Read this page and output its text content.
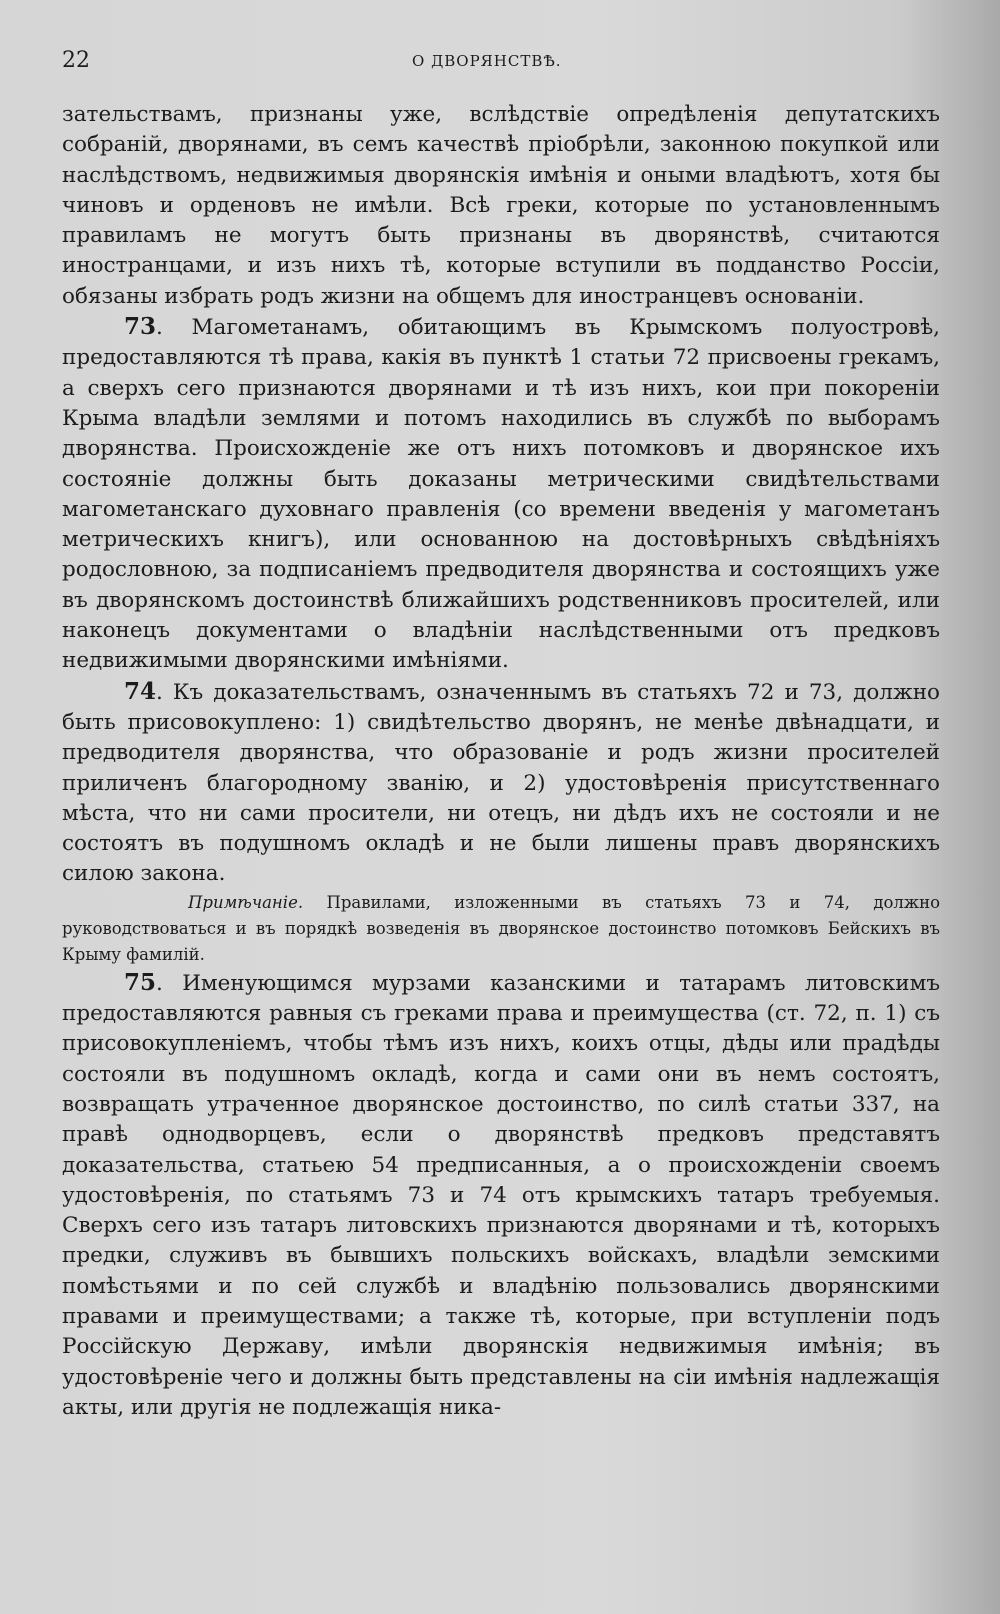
22	О ДВОРЯНСТВѢ.

зательствамъ, признаны уже, вслѣдствіе опредѣленія депутатскихъ собраній, дворянами, въ семъ качествѣ пріобрѣли, законною покупкой или наслѣдствомъ, недвижимыя дворянскія имѣнія и оными владѣютъ, хотя бы чиновъ и орденовъ не имѣли. Всѣ греки, которые по установленнымъ правиламъ не могутъ быть признаны въ дворянствѣ, считаются иностранцами, и изъ нихъ тѣ, которые вступили въ подданство Россіи, обязаны избрать родъ жизни на общемъ для иностранцевъ основаніи.

73. Магометанамъ, обитающимъ въ Крымскомъ полуостровѣ, предоставляются тѣ права, какія въ пунктѣ 1 статьи 72 присвоены грекамъ, а сверхъ сего признаются дворянами и тѣ изъ нихъ, кои при покореніи Крыма владѣли землями и потомъ находились въ службѣ по выборамъ дворянства. Происхожденіе же отъ нихъ потомковъ и дворянское ихъ состояніе должны быть доказаны метрическими свидѣтельствами магометанскаго духовнаго правленія (со времени введенія у магометанъ метрическихъ книгъ), или основанною на достовѣрныхъ свѣдѣніяхъ родословною, за подписаніемъ предводителя дворянства и состоящихъ уже въ дворянскомъ достоинствѣ ближайшихъ родственниковъ просителей, или наконецъ документами о владѣніи наслѣдственными отъ предковъ недвижимыми дворянскими имѣніями.

74. Къ доказательствамъ, означеннымъ въ статьяхъ 72 и 73, должно быть присовокуплено: 1) свидѣтельство дворянъ, не менѣе двѣнадцати, и предводителя дворянства, что образованіе и родъ жизни просителей приличенъ благородному званію, и 2) удостовѣренія присутственнаго мѣста, что ни сами просители, ни отецъ, ни дѣдъ ихъ не состояли и не состоятъ въ подушномъ окладѣ и не были лишены правъ дворянскихъ силою закона.

Примѣчаніе. Правилами, изложенными въ статьяхъ 73 и 74, должно руководствоваться и въ порядкѣ возведенія въ дворянское достоинство потомковъ Бейскихъ въ Крыму фамилій.

75. Именующимся мурзами казанскими и татарамъ литовскимъ предоставляются равныя съ греками права и преимущества (ст. 72, п. 1) съ присовокупленіемъ, чтобы тѣмъ изъ нихъ, коихъ отцы, дѣды или прадѣды состояли въ подушномъ окладѣ, когда и сами они въ немъ состоятъ, возвращать утраченное дворянское достоинство, по силѣ статьи 337, на правѣ однодворцевъ, если о дворянствѣ предковъ представятъ доказательства, статьею 54 предписанныя, а о происхожденіи своемъ удостовѣренія, по статьямъ 73 и 74 отъ крымскихъ татаръ требуемыя. Сверхъ сего изъ татаръ литовскихъ признаются дворянами и тѣ, которыхъ предки, служивъ въ бывшихъ польскихъ войскахъ, владѣли земскими помѣстьями и по сей службѣ и владѣнію пользовались дворянскими правами и преимуществами; а также тѣ, которые, при вступленіи подъ Россійскую Державу, имѣли дворянскія недвижимыя имѣнія; въ удостовѣреніе чего и должны быть представлены на сіи имѣнія надлежащія акты, или другія не подлежащія ника-
